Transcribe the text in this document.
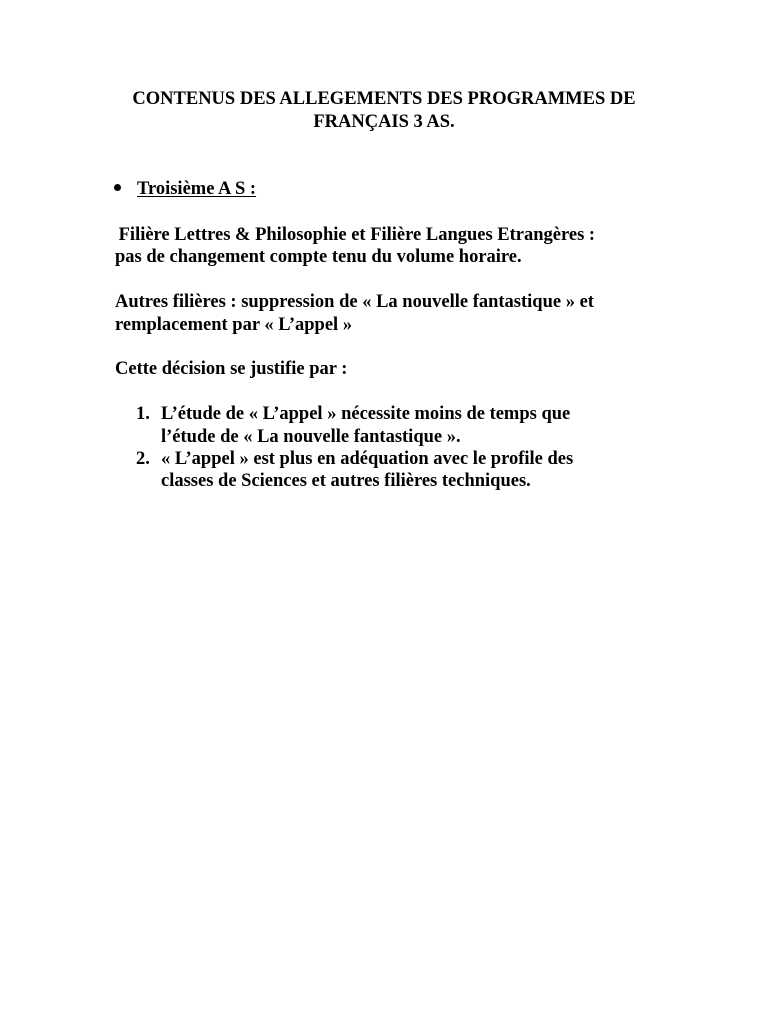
CONTENUS DES ALLEGEMENTS DES PROGRAMMES DE

FRANÇAIS 3 AS.

Troisième A S :

Filière Lettres & Philosophie et Filière Langues Etrangères :

pas de changement compte tenu du volume horaire.

Autres filières : suppression de « La nouvelle fantastique » et

remplacement par « L’appel »

Cette décision se justifie par :

1. L’étude de « L’appel » nécessite moins de temps que
l’étude de « La nouvelle fantastique ».
2. « L’appel » est plus en adéquation avec le profile des
classes de Sciences et autres filières techniques.
